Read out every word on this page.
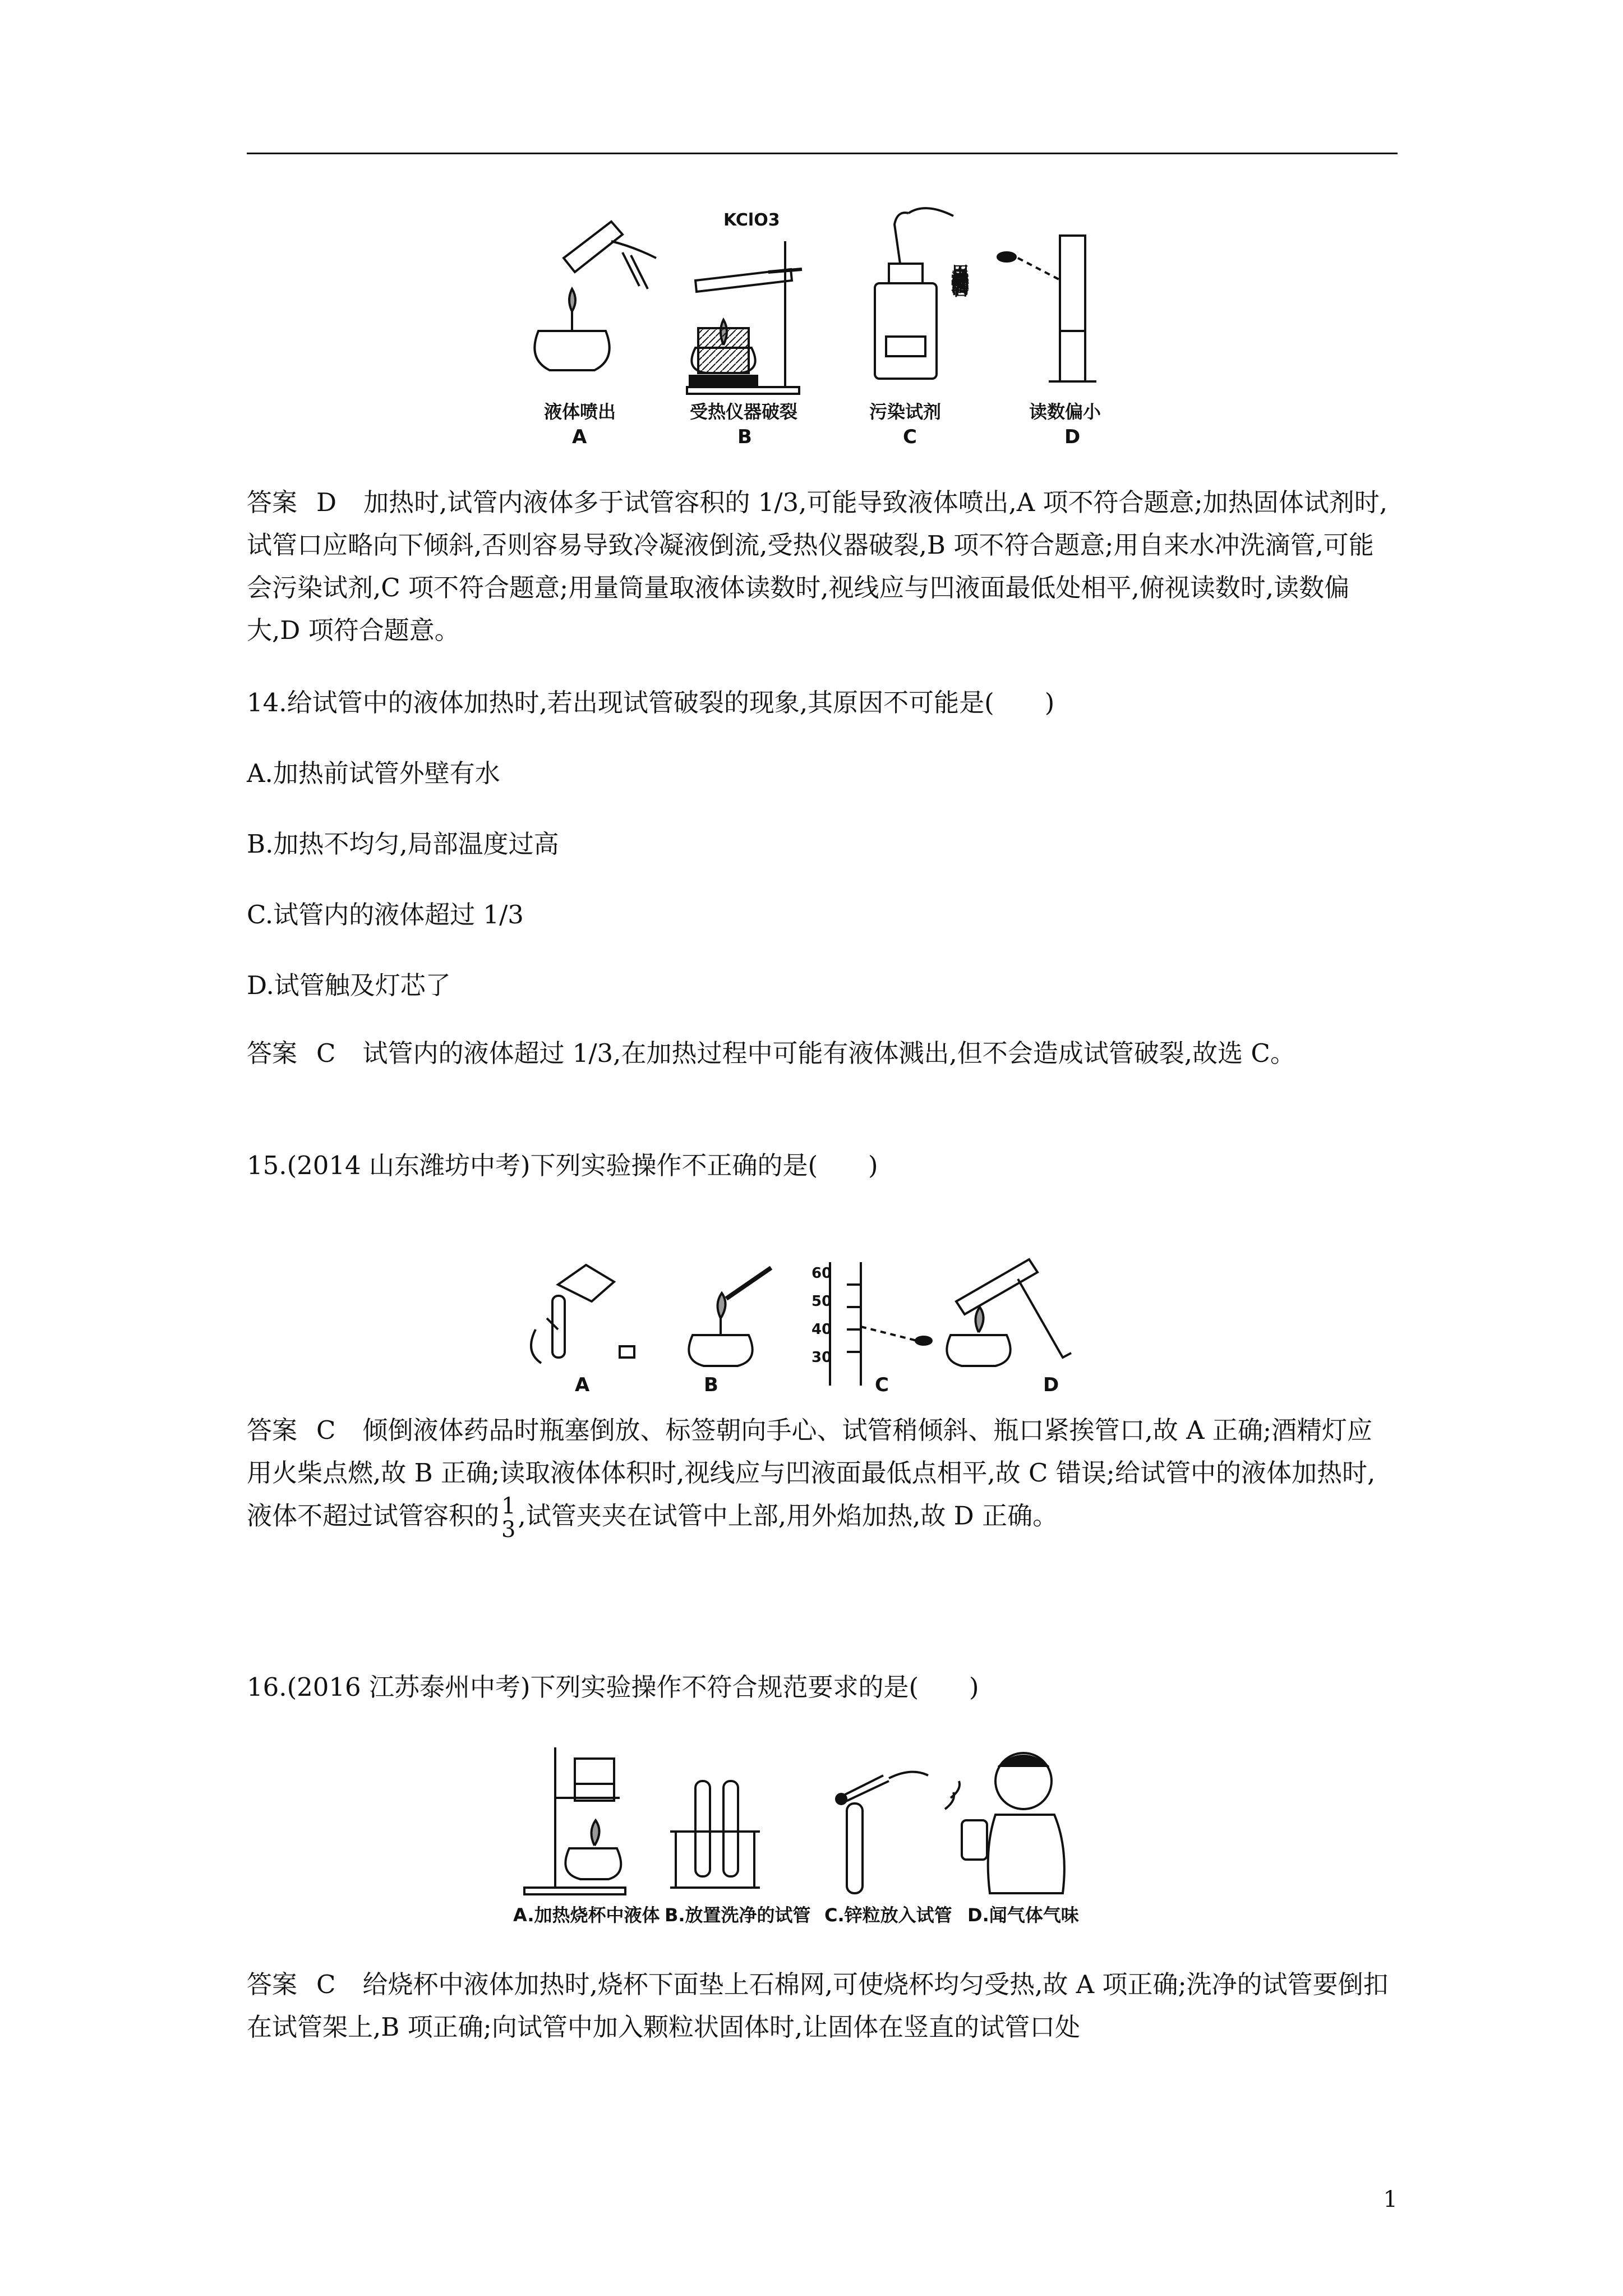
KClO3
用自来水冲洗过的滴管
液体喷出
A
受热仪器破裂
B
污染试剂
C
读数偏小
D

答案 D 加热时,试管内液体多于试管容积的 1/3,可能导致液体喷出,A 项不符合题意;加热固体试剂时,试管口应略向下倾斜,否则容易导致冷凝液倒流,受热仪器破裂,B 项不符合题意;用自来水冲洗滴管,可能会污染试剂,C 项不符合题意;用量筒量取液体读数时,视线应与凹液面最低处相平,俯视读数时,读数偏大,D 项符合题意。

14.给试管中的液体加热时,若出现试管破裂的现象,其原因不可能是(　　)

A.加热前试管外壁有水

B.加热不均匀,局部温度过高

C.试管内的液体超过 1/3

D.试管触及灯芯了

答案 C 试管内的液体超过 1/3,在加热过程中可能有液体溅出,但不会造成试管破裂,故选 C。

15.(2014 山东潍坊中考)下列实验操作不正确的是(　　)

60
50
40
30
A	B	C	D

答案 C 倾倒液体药品时瓶塞倒放、标签朝向手心、试管稍倾斜、瓶口紧挨管口,故 A 正确;酒精灯应用火柴点燃,故 B 正确;读取液体体积时,视线应与凹液面最低点相平,故 C 错误;给试管中的液体加热时,液体不超过试管容积的 1
3 ,试管夹夹在试管中上部,用外焰加热,故 D 正确。

16.(2016 江苏泰州中考)下列实验操作不符合规范要求的是(　　)

A.加热烧杯中液体 B.放置洗净的试管 C.锌粒放入试管 D.闻气体气味

答案 C 给烧杯中液体加热时,烧杯下面垫上石棉网,可使烧杯均匀受热,故 A 项正确;洗净的试管要倒扣在试管架上,B 项正确;向试管中加入颗粒状固体时,让固体在竖直的试管口处

1
